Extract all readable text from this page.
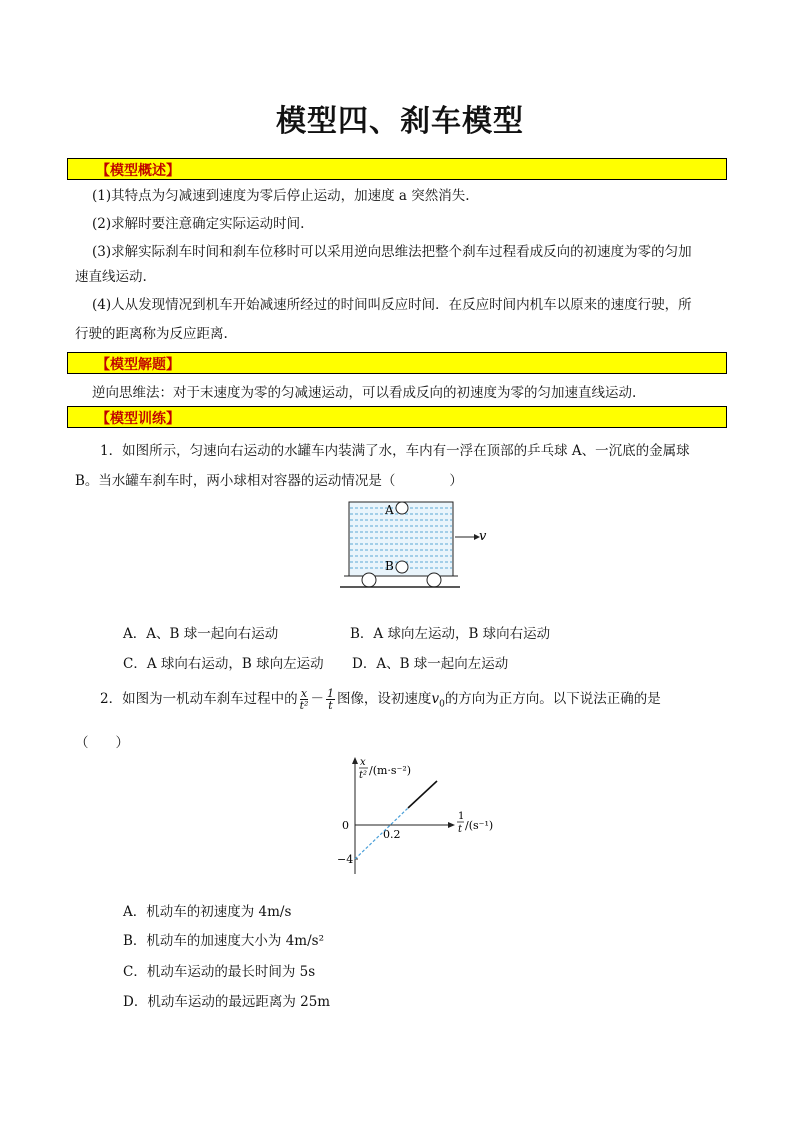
模型四、刹车模型
【模型概述】
(1)其特点为匀减速到速度为零后停止运动，加速度 a 突然消失.
(2)求解时要注意确定实际运动时间.
(3)求解实际刹车时间和刹车位移时可以采用逆向思维法把整个刹车过程看成反向的初速度为零的匀加
速直线运动.
(4)人从发现情况到机车开始减速所经过的时间叫反应时间．在反应时间内机车以原来的速度行驶，所
行驶的距离称为反应距离.
【模型解题】
逆向思维法：对于末速度为零的匀减速运动，可以看成反向的初速度为零的匀加速直线运动.
【模型训练】
1．如图所示，匀速向右运动的水罐车内装满了水，车内有一浮在顶部的乒乓球 A、一沉底的金属球
B。当水罐车刹车时，两小球相对容器的运动情况是（　　　　）
A
B
v
A．A、B 球一起向右运动	B．A 球向左运动，B 球向右运动
C．A 球向右运动，B 球向左运动 D．A、B 球一起向左运动
2．如图为一机动车刹车过程中的 $\frac{x}{\text{t²}} - \frac{1}{t}$ 图像，设初速度$v_0$的方向为正方向。以下说法正确的是
（　　）
x
t² /(m·s⁻²)
1
t /(s⁻¹)
0
0.2
−4
A．机动车的初速度为 4m/s
B．机动车的加速度大小为 4m/s²
C．机动车运动的最长时间为 5s
D．机动车运动的最远距离为 25m
